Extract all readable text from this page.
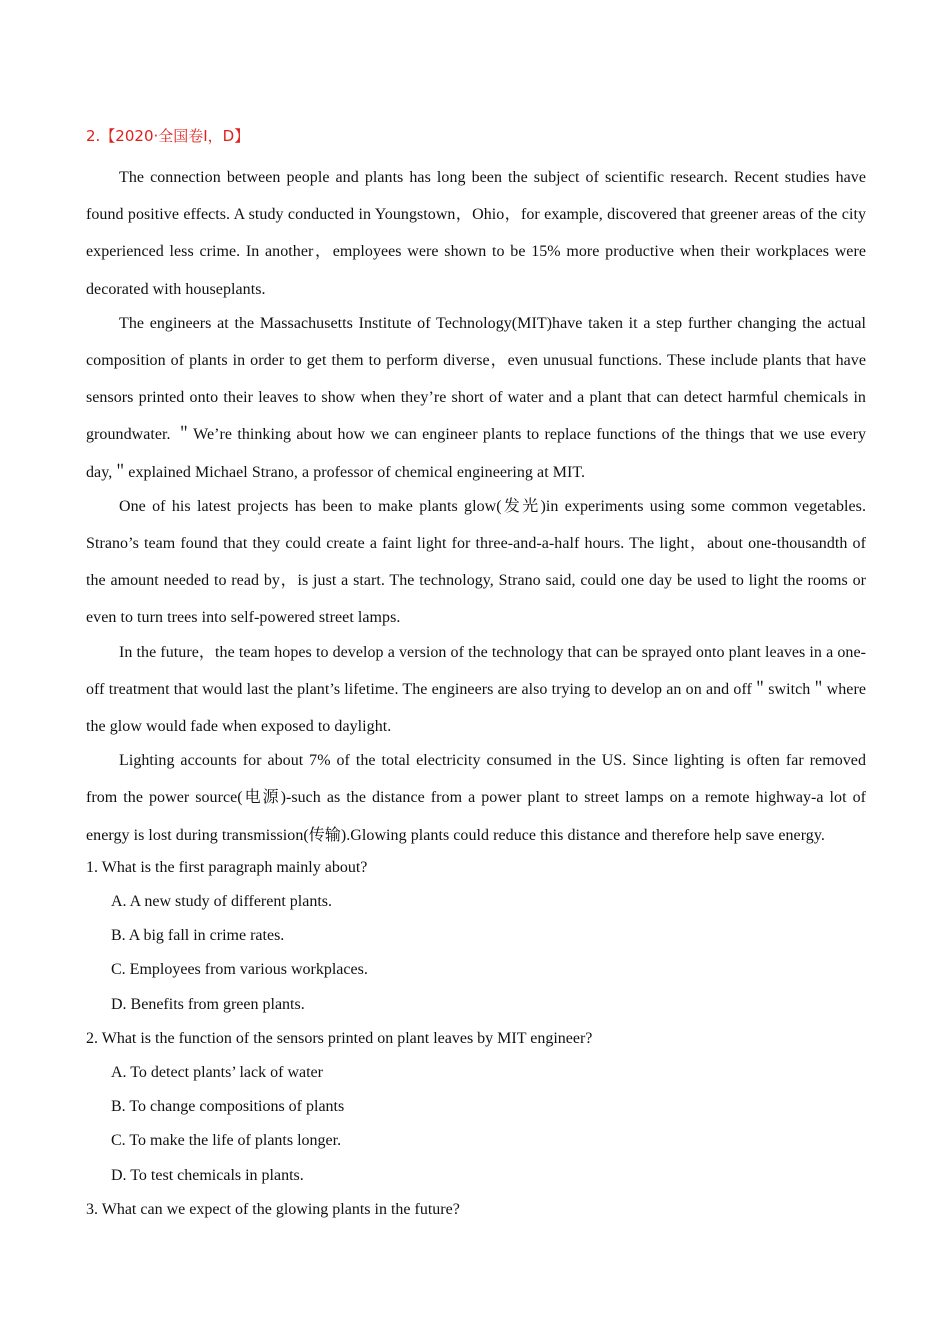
2.【2020·全国卷Ⅰ，D】

The connection between people and plants has long been the subject of scientific research. Recent studies have found positive effects. A study conducted in Youngstown，Ohio，for example, discovered that greener areas of the city experienced less crime. In another，employees were shown to be 15% more productive when their workplaces were decorated with houseplants.

The engineers at the Massachusetts Institute of Technology(MIT)have taken it a step further changing the actual composition of plants in order to get them to perform diverse，even unusual functions. These include plants that have sensors printed onto their leaves to show when they’re short of water and a plant that can detect harmful chemicals in groundwater. ＂We’re thinking about how we can engineer plants to replace functions of the things that we use every day,＂explained Michael Strano, a professor of chemical engineering at MIT.

One of his latest projects has been to make plants glow(发光)in experiments using some common vegetables. Strano’s team found that they could create a faint light for three-and-a-half hours. The light，about one-thousandth of the amount needed to read by，is just a start. The technology, Strano said, could one day be used to light the rooms or even to turn trees into self-powered street lamps.

In the future，the team hopes to develop a version of the technology that can be sprayed onto plant leaves in a one-off treatment that would last the plant’s lifetime. The engineers are also trying to develop an on and off＂switch＂where the glow would fade when exposed to daylight.

Lighting accounts for about 7% of the total electricity consumed in the US. Since lighting is often far removed from the power source(电源)-such as the distance from a power plant to street lamps on a remote highway-a lot of energy is lost during transmission(传输).Glowing plants could reduce this distance and therefore help save energy.

1. What is the first paragraph mainly about?

A. A new study of different plants.

B. A big fall in crime rates.

C. Employees from various workplaces.

D. Benefits from green plants.

2. What is the function of the sensors printed on plant leaves by MIT engineer?

A. To detect plants’ lack of water

B. To change compositions of plants

C. To make the life of plants longer.

D. To test chemicals in plants.

3. What can we expect of the glowing plants in the future?
